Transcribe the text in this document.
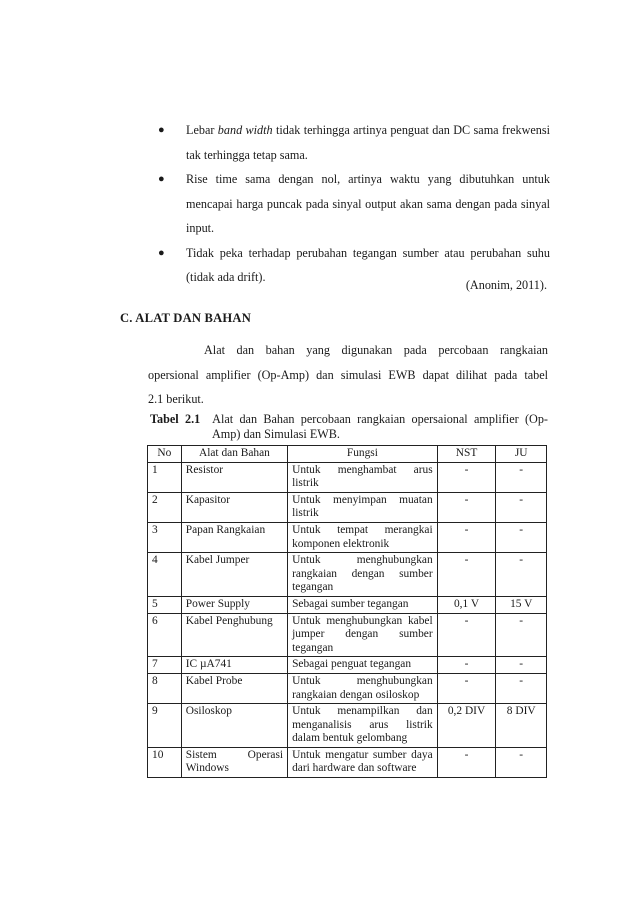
● Lebar band width tidak terhingga artinya penguat dan DC sama frekwensi tak terhingga tetap sama.
● Rise time sama dengan nol, artinya waktu yang dibutuhkan untuk mencapai harga puncak pada sinyal output akan sama dengan pada sinyal input.
● Tidak peka terhadap perubahan tegangan sumber atau perubahan suhu (tidak ada drift).
(Anonim, 2011).
C. ALAT DAN BAHAN
Alat dan bahan yang digunakan pada percobaan rangkaian
opersional amplifier (Op-Amp) dan simulasi EWB dapat dilihat pada tabel
2.1 berikut.
Tabel 2.1 Alat dan Bahan percobaan rangkaian opersaional amplifier (Op-
Amp) dan Simulasi EWB.
No	Alat dan Bahan	Fungsi	NST	JU
1	Resistor	Untuk menghambat arus listrik	-	-
2	Kapasitor	Untuk menyimpan muatan listrik	-	-
3	Papan Rangkaian	Untuk tempat merangkai komponen elektronik	-	-
4	Kabel Jumper	Untuk menghubungkan rangkaian dengan sumber tegangan	-	-
5	Power Supply	Sebagai sumber tegangan	0,1 V	15 V
6	Kabel Penghubung	Untuk menghubungkan kabel jumper dengan sumber tegangan	-	-
7	IC µA741	Sebagai penguat tegangan	-	-
8	Kabel Probe	Untuk menghubungkan rangkaian dengan osiloskop	-	-
9	Osiloskop	Untuk menampilkan dan menganalisis arus listrik dalam bentuk gelombang	0,2 DIV	8 DIV
10	Sistem Operasi Windows	Untuk mengatur sumber daya dari hardware dan software	-	-
